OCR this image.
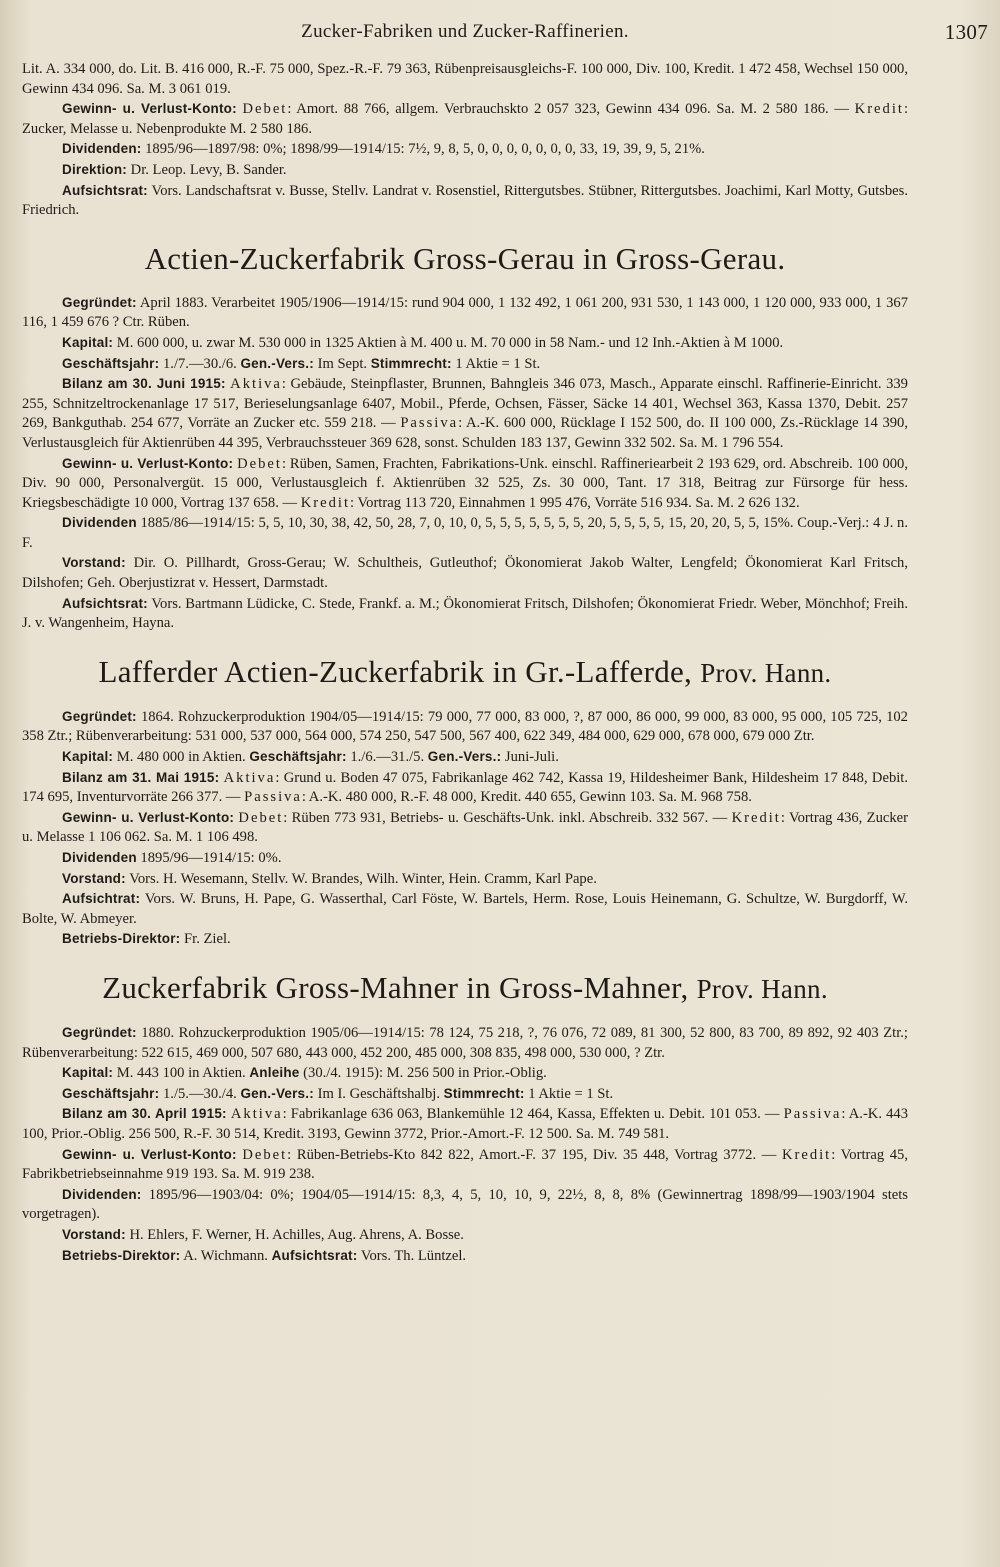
Zucker-Fabriken und Zucker-Raffinerien.	1307

Lit. A. 334 000, do. Lit. B. 416 000, R.-F. 75 000, Spez.-R.-F. 79 363, Rübenpreisausgleichs-F. 100 000, Div. 100, Kredit. 1 472 458, Wechsel 150 000, Gewinn 434 096. Sa. M. 3 061 019.

Gewinn- u. Verlust-Konto: Debet: Amort. 88 766, allgem. Verbrauchskto 2 057 323, Gewinn 434 096. Sa. M. 2 580 186. — Kredit: Zucker, Melasse u. Nebenprodukte M. 2 580 186.

Dividenden: 1895/96—1897/98: 0%; 1898/99—1914/15: 7½, 9, 8, 5, 0, 0, 0, 0, 0, 0, 0, 33, 19, 39, 9, 5, 21%.

Direktion: Dr. Leop. Levy, B. Sander.

Aufsichtsrat: Vors. Landschaftsrat v. Busse, Stellv. Landrat v. Rosenstiel, Rittergutsbes. Stübner, Rittergutsbes. Joachimi, Karl Motty, Gutsbes. Friedrich.

Actien-Zuckerfabrik Gross-Gerau in Gross-Gerau.

Gegründet: April 1883. Verarbeitet 1905/1906—1914/15: rund 904 000, 1 132 492, 1 061 200, 931 530, 1 143 000, 1 120 000, 933 000, 1 367 116, 1 459 676 ? Ctr. Rüben.

Kapital: M. 600 000, u. zwar M. 530 000 in 1325 Aktien à M. 400 u. M. 70 000 in 58 Nam.- und 12 Inh.-Aktien à M 1000.

Geschäftsjahr: 1./7.—30./6. Gen.-Vers.: Im Sept. Stimmrecht: 1 Aktie = 1 St.

Bilanz am 30. Juni 1915: Aktiva: Gebäude, Steinpflaster, Brunnen, Bahngleis 346 073, Masch., Apparate einschl. Raffinerie-Einricht. 339 255, Schnitzeltrockenanlage 17 517, Berieselungsanlage 6407, Mobil., Pferde, Ochsen, Fässer, Säcke 14 401, Wechsel 363, Kassa 1370, Debit. 257 269, Bankguthab. 254 677, Vorräte an Zucker etc. 559 218. — Passiva: A.-K. 600 000, Rücklage I 152 500, do. II 100 000, Zs.-Rücklage 14 390, Verlustausgleich für Aktienrüben 44 395, Verbrauchssteuer 369 628, sonst. Schulden 183 137, Gewinn 332 502. Sa. M. 1 796 554.

Gewinn- u. Verlust-Konto: Debet: Rüben, Samen, Frachten, Fabrikations-Unk. einschl. Raffineriearbeit 2 193 629, ord. Abschreib. 100 000, Div. 90 000, Personalvergüt. 15 000, Verlustausgleich f. Aktienrüben 32 525, Zs. 30 000, Tant. 17 318, Beitrag zur Fürsorge für hess. Kriegsbeschädigte 10 000, Vortrag 137 658. — Kredit: Vortrag 113 720, Einnahmen 1 995 476, Vorräte 516 934. Sa. M. 2 626 132.

Dividenden 1885/86—1914/15: 5, 5, 10, 30, 38, 42, 50, 28, 7, 0, 10, 0, 5, 5, 5, 5, 5, 5, 5, 20, 5, 5, 5, 5, 15, 20, 20, 5, 5, 15%. Coup.-Verj.: 4 J. n. F.

Vorstand: Dir. O. Pillhardt, Gross-Gerau; W. Schultheis, Gutleuthof; Ökonomierat Jakob Walter, Lengfeld; Ökonomierat Karl Fritsch, Dilshofen; Geh. Oberjustizrat v. Hessert, Darmstadt.

Aufsichtsrat: Vors. Bartmann Lüdicke, C. Stede, Frankf. a. M.; Ökonomierat Fritsch, Dilshofen; Ökonomierat Friedr. Weber, Mönchhof; Freih. J. v. Wangenheim, Hayna.

Lafferder Actien-Zuckerfabrik in Gr.-Lafferde, Prov. Hann.

Gegründet: 1864. Rohzuckerproduktion 1904/05—1914/15: 79 000, 77 000, 83 000, ?, 87 000, 86 000, 99 000, 83 000, 95 000, 105 725, 102 358 Ztr.; Rübenverarbeitung: 531 000, 537 000, 564 000, 574 250, 547 500, 567 400, 622 349, 484 000, 629 000, 678 000, 679 000 Ztr.

Kapital: M. 480 000 in Aktien. Geschäftsjahr: 1./6.—31./5. Gen.-Vers.: Juni-Juli.

Bilanz am 31. Mai 1915: Aktiva: Grund u. Boden 47 075, Fabrikanlage 462 742, Kassa 19, Hildesheimer Bank, Hildesheim 17 848, Debit. 174 695, Inventurvorräte 266 377. — Passiva: A.-K. 480 000, R.-F. 48 000, Kredit. 440 655, Gewinn 103. Sa. M. 968 758.

Gewinn- u. Verlust-Konto: Debet: Rüben 773 931, Betriebs- u. Geschäfts-Unk. inkl. Abschreib. 332 567. — Kredit: Vortrag 436, Zucker u. Melasse 1 106 062. Sa. M. 1 106 498.

Dividenden 1895/96—1914/15: 0%.

Vorstand: Vors. H. Wesemann, Stellv. W. Brandes, Wilh. Winter, Hein. Cramm, Karl Pape.

Aufsichtrat: Vors. W. Bruns, H. Pape, G. Wasserthal, Carl Föste, W. Bartels, Herm. Rose, Louis Heinemann, G. Schultze, W. Burgdorff, W. Bolte, W. Abmeyer.

Betriebs-Direktor: Fr. Ziel.

Zuckerfabrik Gross-Mahner in Gross-Mahner, Prov. Hann.

Gegründet: 1880. Rohzuckerproduktion 1905/06—1914/15: 78 124, 75 218, ?, 76 076, 72 089, 81 300, 52 800, 83 700, 89 892, 92 403 Ztr.; Rübenverarbeitung: 522 615, 469 000, 507 680, 443 000, 452 200, 485 000, 308 835, 498 000, 530 000, ? Ztr.

Kapital: M. 443 100 in Aktien. Anleihe (30./4. 1915): M. 256 500 in Prior.-Oblig.

Geschäftsjahr: 1./5.—30./4. Gen.-Vers.: Im I. Geschäftshalbj. Stimmrecht: 1 Aktie = 1 St.

Bilanz am 30. April 1915: Aktiva: Fabrikanlage 636 063, Blankemühle 12 464, Kassa, Effekten u. Debit. 101 053. — Passiva: A.-K. 443 100, Prior.-Oblig. 256 500, R.-F. 30 514, Kredit. 3193, Gewinn 3772, Prior.-Amort.-F. 12 500. Sa. M. 749 581.

Gewinn- u. Verlust-Konto: Debet: Rüben-Betriebs-Kto 842 822, Amort.-F. 37 195, Div. 35 448, Vortrag 3772. — Kredit: Vortrag 45, Fabrikbetriebseinnahme 919 193. Sa. M. 919 238.

Dividenden: 1895/96—1903/04: 0%; 1904/05—1914/15: 8,3, 4, 5, 10, 10, 9, 22½, 8, 8, 8% (Gewinnertrag 1898/99—1903/1904 stets vorgetragen).

Vorstand: H. Ehlers, F. Werner, H. Achilles, Aug. Ahrens, A. Bosse.

Betriebs-Direktor: A. Wichmann. Aufsichtsrat: Vors. Th. Lüntzel.
